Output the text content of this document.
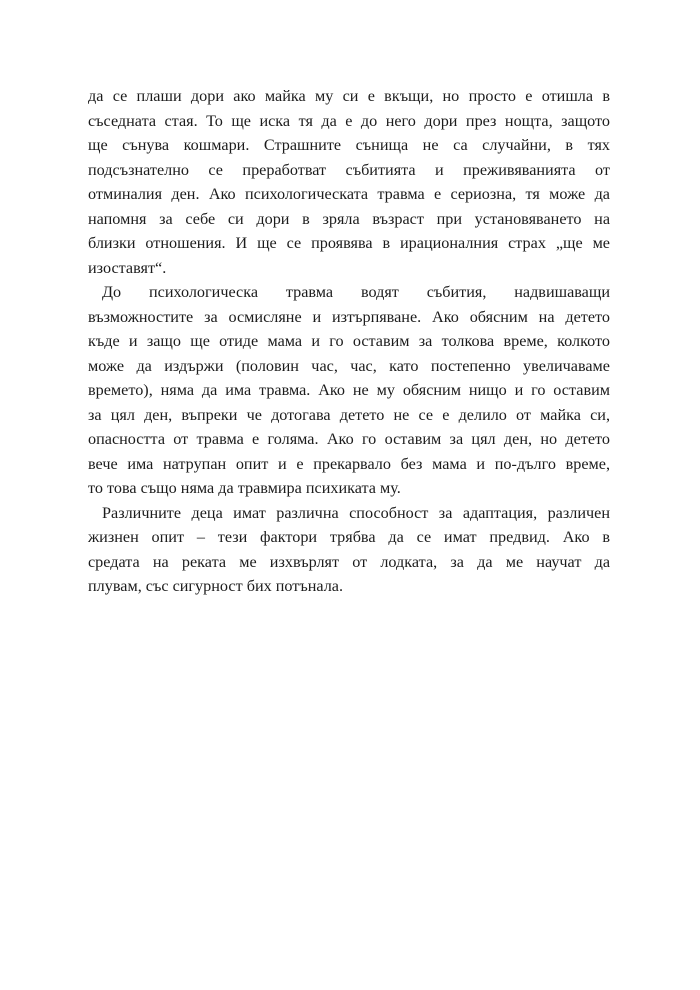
да се плаши дори ако майка му си е вкъщи, но просто е отишла в
съседната стая. То ще иска тя да е до него дори през нощта, защото
ще сънува кошмари. Страшните сънища не са случайни, в тях
подсъзнателно се преработват събитията и преживяванията от
отминалия ден. Ако психологическата травма е сериозна, тя може да
напомня за себе си дори в зряла възраст при установяването на
близки отношения. И ще се проявява в ирационалния страх „ще ме
изоставят“.

До психологическа травма водят събития, надвишаващи
възможностите за осмисляне и изтърпяване. Ако обясним на детето
къде и защо ще отиде мама и го оставим за толкова време, колкото
може да издържи (половин час, час, като постепенно увеличаваме
времето), няма да има травма. Ако не му обясним нищо и го оставим
за цял ден, въпреки че дотогава детето не се е делило от майка си,
опасността от травма е голяма. Ако го оставим за цял ден, но детето
вече има натрупан опит и е прекарвало без мама и по-дълго време,
то това също няма да травмира психиката му.

Различните деца имат различна способност за адаптация, различен
жизнен опит – тези фактори трябва да се имат предвид. Ако в
средата на реката ме изхвърлят от лодката, за да ме научат да
плувам, със сигурност бих потънала.
